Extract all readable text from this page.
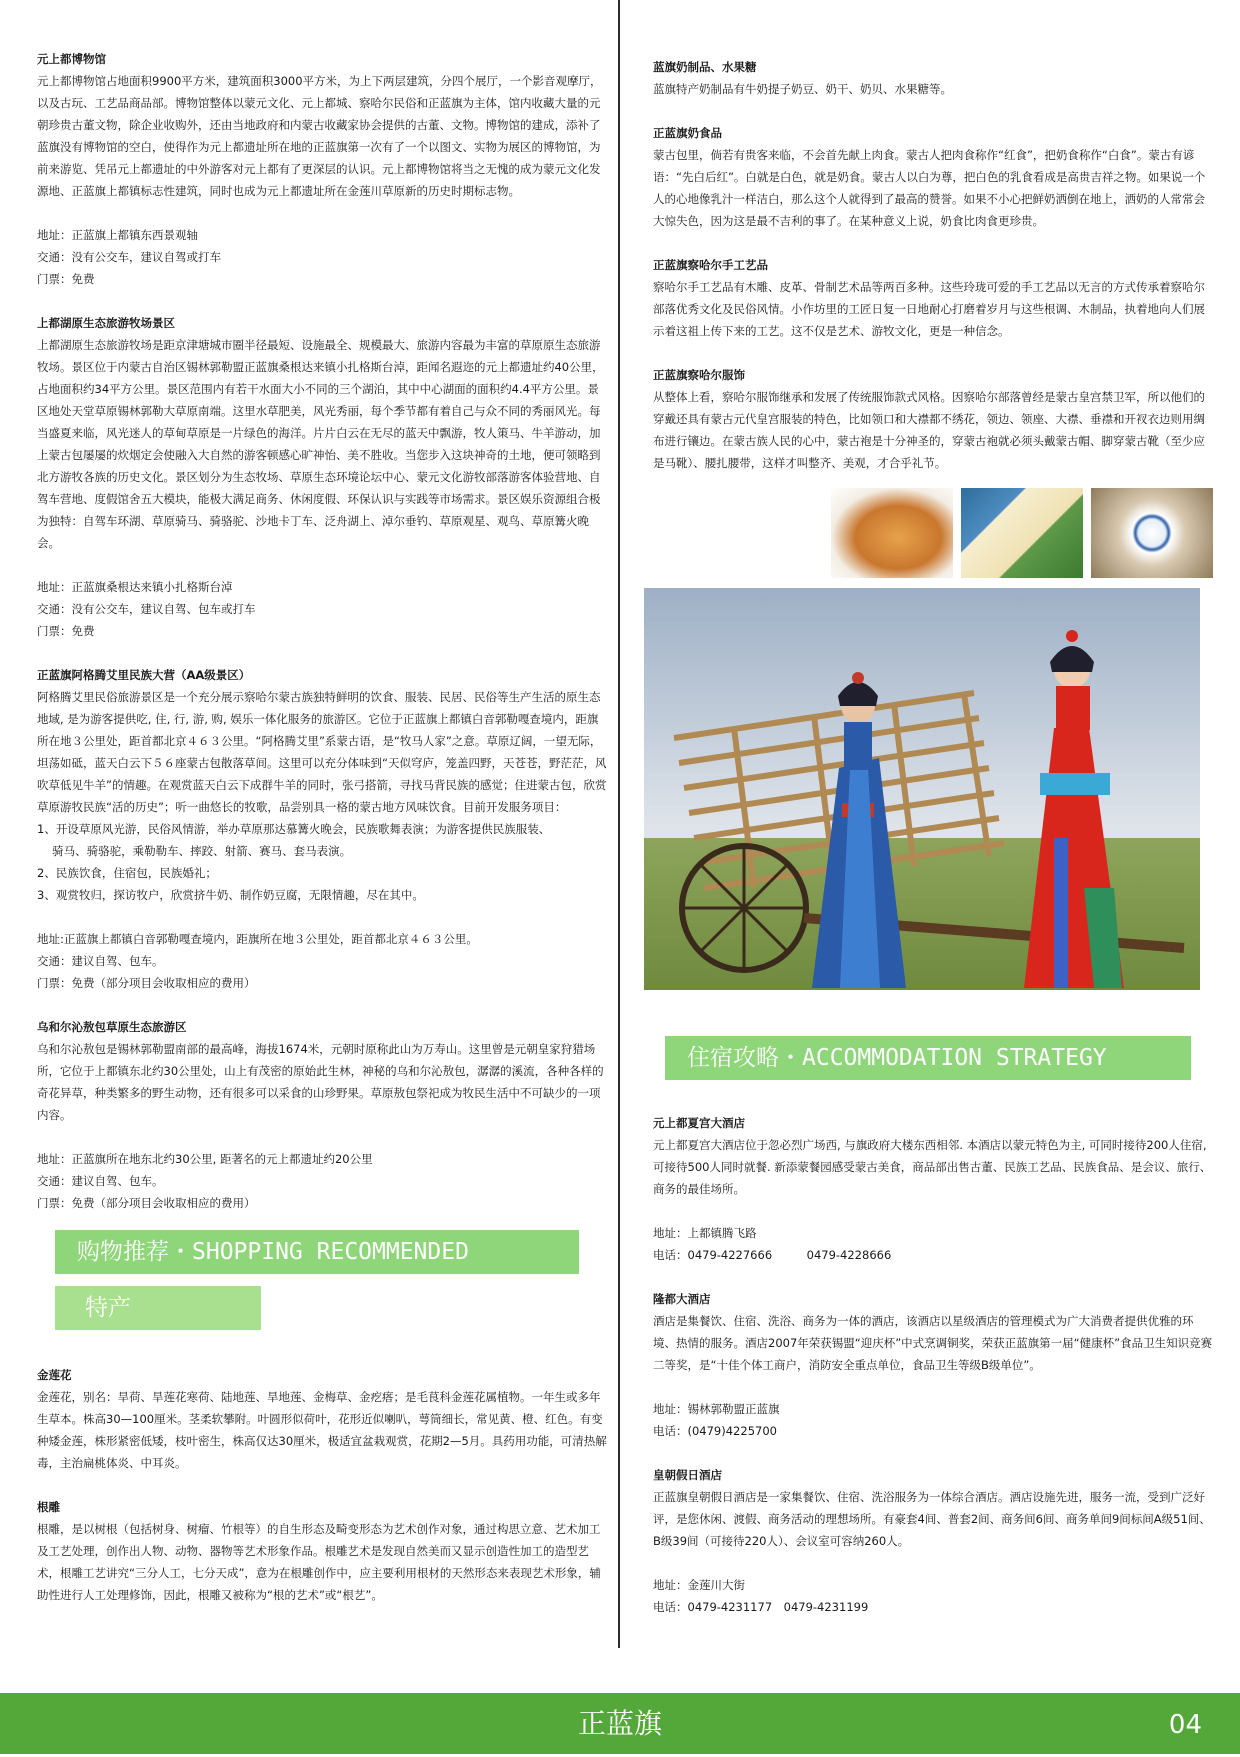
元上都博物馆

元上都博物馆占地面积9900平方米，建筑面积3000平方米，为上下两层建筑，分四个展厅，一个影音观摩厅，以及古玩、工艺品商品部。博物馆整体以蒙元文化、元上都城、察哈尔民俗和正蓝旗为主体，馆内收藏大量的元朝珍贵古董文物，除企业收购外，还由当地政府和内蒙古收藏家协会提供的古董、文物。博物馆的建成，添补了蓝旗没有博物馆的空白，使得作为元上都遗址所在地的正蓝旗第一次有了一个以图文、实物为展区的博物馆，为前来游览、凭吊元上都遗址的中外游客对元上都有了更深层的认识。元上都博物馆将当之无愧的成为蒙元文化发源地、正蓝旗上都镇标志性建筑，同时也成为元上都遗址所在金莲川草原新的历史时期标志物。

地址：正蓝旗上都镇东西景观轴

交通：没有公交车，建议自驾或打车

门票：免费

上都湖原生态旅游牧场景区

上都湖原生态旅游牧场是距京津塘城市圈半径最短、设施最全、规模最大、旅游内容最为丰富的草原原生态旅游牧场。景区位于内蒙古自治区锡林郭勒盟正蓝旗桑根达来镇小扎格斯台淖，距闻名遐迩的元上都遗址约40公里，占地面积约34平方公里。景区范围内有若干水面大小不同的三个湖泊，其中中心湖面的面积约4.4平方公里。景区地处天堂草原锡林郭勒大草原南端。这里水草肥美，风光秀丽，每个季节都有着自己与众不同的秀丽风光。每当盛夏来临，风光迷人的草甸草原是一片绿色的海洋。片片白云在无尽的蓝天中飘游，牧人策马、牛羊游动，加上蒙古包屡屡的炊烟定会使融入大自然的游客顿感心旷神怡、美不胜收。当您步入这块神奇的土地，便可领略到北方游牧各族的历史文化。景区划分为生态牧场、草原生态环境论坛中心、蒙元文化游牧部落游客体验营地、自驾车营地、度假馆舍五大模块，能极大满足商务、休闲度假、环保认识与实践等市场需求。景区娱乐资源组合极为独特：自驾车环湖、草原骑马、骑骆驼、沙地卡丁车、泛舟湖上、淖尔垂钓、草原观星、观鸟、草原篝火晚会。

地址：正蓝旗桑根达来镇小扎格斯台淖

交通：没有公交车，建议自驾、包车或打车

门票：免费

正蓝旗阿格腾艾里民族大营（AA级景区）

阿格腾艾里民俗旅游景区是一个充分展示察哈尔蒙古族独特鲜明的饮食、服装、民居、民俗等生产生活的原生态地域, 是为游客提供吃, 住, 行, 游, 购, 娱乐一体化服务的旅游区。它位于正蓝旗上都镇白音郭勒嘎查境内，距旗所在地３公里处，距首都北京４６３公里。“阿格腾艾里”系蒙古语，是“牧马人家”之意。草原辽阔，一望无际，坦荡如砥，蓝天白云下５６座蒙古包散落草间。这里可以充分体味到“天似穹庐，笼盖四野，天苍苍，野茫茫，风吹草低见牛羊”的情趣。在观赏蓝天白云下成群牛羊的同时，张弓搭箭，寻找马背民族的感觉；住进蒙古包，欣赏草原游牧民族“活的历史”；听一曲悠长的牧歌，品尝别具一格的蒙古地方风味饮食。目前开发服务项目：

1、开设草原风光游，民俗风情游，举办草原那达慕篝火晚会，民族歌舞表演；为游客提供民族服装、

　 骑马、骑骆驼，乘勒勒车、摔跤、射箭、赛马、套马表演。

2、民族饮食，住宿包，民族婚礼；

3、观赏牧归，探访牧户，欣赏挤牛奶、制作奶豆腐，无限情趣，尽在其中。

地址:正蓝旗上都镇白音郭勒嘎查境内，距旗所在地３公里处，距首都北京４６３公里。

交通：建议自驾、包车。

门票：免费（部分项目会收取相应的费用）

乌和尔沁敖包草原生态旅游区

乌和尔沁敖包是锡林郭勒盟南部的最高峰，海拔1674米，元朝时原称此山为万寿山。这里曾是元朝皇家狩猎场所，它位于上都镇东北约30公里处，山上有茂密的原始此生林，神秘的乌和尔沁敖包，潺潺的溪流，各种各样的奇花异草，种类繁多的野生动物，还有很多可以采食的山珍野果。草原敖包祭祀成为牧民生活中不可缺少的一项内容。

地址：正蓝旗所在地东北约30公里, 距著名的元上都遗址约20公里

交通：建议自驾、包车。

门票：免费（部分项目会收取相应的费用）

购物推荐・SHOPPING RECOMMENDED
特产
金莲花

金莲花，别名：旱荷、旱莲花寒荷、陆地莲、旱地莲、金梅草、金疙瘩；是毛茛科金莲花属植物。一年生或多年生草本。株高30—100厘米。茎柔软攀附。叶圆形似荷叶，花形近似喇叭，萼筒细长，常见黄、橙、红色。有变种矮金莲，株形紧密低矮，枝叶密生，株高仅达30厘米，极适宜盆栽观赏，花期2—5月。具药用功能，可清热解毒，主治扁桃体炎、中耳炎。

根雕

根雕，是以树根（包括树身、树瘤、竹根等）的自生形态及畸变形态为艺术创作对象，通过构思立意、艺术加工及工艺处理，创作出人物、动物、器物等艺术形象作品。根雕艺术是发现自然美而又显示创造性加工的造型艺术，根雕工艺讲究“三分人工，七分天成”，意为在根雕创作中，应主要利用根材的天然形态来表现艺术形象，辅助性进行人工处理修饰，因此，根雕又被称为“根的艺术”或“根艺”。

蓝旗奶制品、水果糖

蓝旗特产奶制品有牛奶提子奶豆、奶干、奶贝、水果糖等。

正蓝旗奶食品

蒙古包里，倘若有贵客来临，不会首先献上肉食。蒙古人把肉食称作“红食”，把奶食称作“白食”。蒙古有谚语：“先白后红”。白就是白色，就是奶食。蒙古人以白为尊，把白色的乳食看成是高贵吉祥之物。如果说一个人的心地像乳汁一样洁白，那么这个人就得到了最高的赞誉。如果不小心把鲜奶洒倒在地上，洒奶的人常常会大惊失色，因为这是最不吉利的事了。在某种意义上说，奶食比肉食更珍贵。

正蓝旗察哈尔手工艺品

察哈尔手工艺品有木雕、皮革、骨制艺术品等两百多种。这些玲珑可爱的手工艺品以无言的方式传承着察哈尔部落优秀文化及民俗风情。小作坊里的工匠日复一日地耐心打磨着岁月与这些根调、木制品，执着地向人们展示着这祖上传下来的工艺。这不仅是艺术、游牧文化，更是一种信念。

正蓝旗察哈尔服饰

从整体上看，察哈尔服饰继承和发展了传统服饰款式风格。因察哈尔部落曾经是蒙古皇宫禁卫军，所以他们的穿戴还具有蒙古元代皇宫服装的特色，比如领口和大襟都不绣花，领边、领座、大襟、垂襟和开衩衣边则用绸布进行镶边。在蒙古族人民的心中，蒙古袍是十分神圣的，穿蒙古袍就必须头戴蒙古帽、脚穿蒙古靴（至少应是马靴）、腰扎腰带，这样才叫整齐、美观，才合乎礼节。

住宿攻略・ACCOMMODATION STRATEGY
元上都夏宫大酒店

元上都夏宫大酒店位于忽必烈广场西, 与旗政府大楼东西相邻. 本酒店以蒙元特色为主, 可同时接待200人住宿, 可接待500人同时就餐. 新添蒙餐园感受蒙古美食，商品部出售古董、民族工艺品、民族食品、是会议、旅行、商务的最佳场所。

地址：上都镇腾飞路

电话：0479-4227666　　　0479-4228666

隆都大酒店

酒店是集餐饮、住宿、洗浴、商务为一体的酒店，该酒店以星级酒店的管理模式为广大消费者提供优雅的环境、热情的服务。酒店2007年荣获锡盟“迎庆杯”中式烹调铜奖，荣获正蓝旗第一届“健康杯”食品卫生知识竞赛二等奖，是“十佳个体工商户，消防安全重点单位，食品卫生等级B级单位”。

地址：锡林郭勒盟正蓝旗

电话：(0479)4225700

皇朝假日酒店

正蓝旗皇朝假日酒店是一家集餐饮、住宿、洗浴服务为一体综合酒店。酒店设施先进，服务一流，受到广泛好评，是您休闲、渡假、商务活动的理想场所。有豪套4间、普套2间、商务间6间、商务单间9间标间A级51间、B级39间（可接待220人）、会议室可容纳260人。

地址：金莲川大街

电话：0479-4231177　0479-4231199

正蓝旗	04
